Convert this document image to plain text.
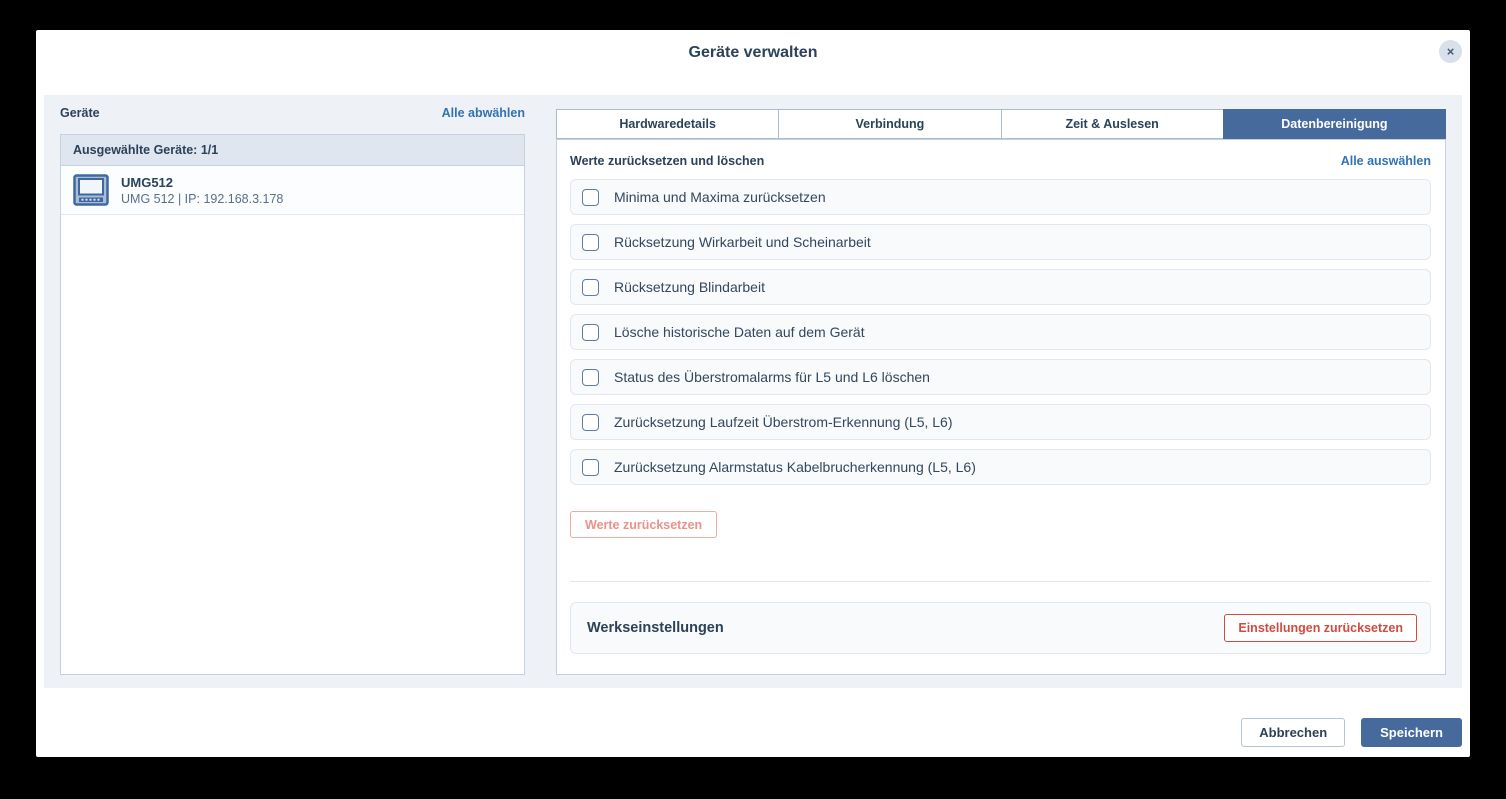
Geräte verwalten	×
Geräte	Alle abwählen
Ausgewählte Geräte: 1/1
UMG512
UMG 512 | IP: 192.168.3.178
Hardwaredetails	Verbindung	Zeit & Auslesen	Datenbereinigung
Werte zurücksetzen und löschen	Alle auswählen
Minima und Maxima zurücksetzen
Rücksetzung Wirkarbeit und Scheinarbeit
Rücksetzung Blindarbeit
Lösche historische Daten auf dem Gerät
Status des Überstromalarms für L5 und L6 löschen
Zurücksetzung Laufzeit Überstrom-Erkennung (L5, L6)
Zurücksetzung Alarmstatus Kabelbrucherkennung (L5, L6)
Werte zurücksetzen
Werkseinstellungen	Einstellungen zurücksetzen
Abbrechen	Speichern
